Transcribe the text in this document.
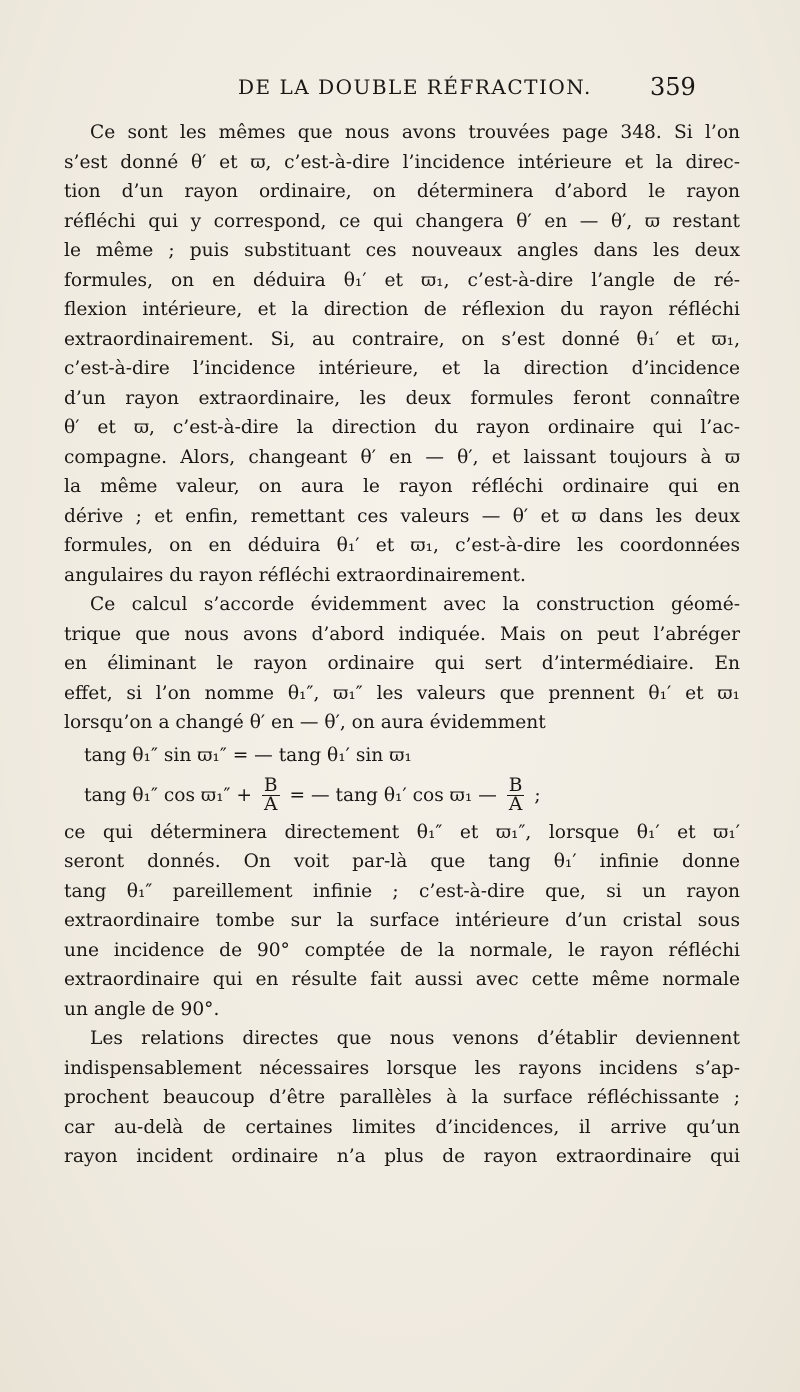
DE LA DOUBLE RÉFRACTION. 359
Ce sont les mêmes que nous avons trouvées page 348. Si l’on
s’est donné θ′ et ϖ, c’est-à-dire l’incidence intérieure et la direc-
tion d’un rayon ordinaire, on déterminera d’abord le rayon
réfléchi qui y correspond, ce qui changera θ′ en — θ′, ϖ restant
le même ; puis substituant ces nouveaux angles dans les deux
formules, on en déduira θ₁′ et ϖ₁, c’est-à-dire l’angle de ré-
flexion intérieure, et la direction de réflexion du rayon réfléchi
extraordinairement. Si, au contraire, on s’est donné θ₁′ et ϖ₁,
c’est-à-dire l’incidence intérieure, et la direction d’incidence
d’un rayon extraordinaire, les deux formules feront connaître
θ′ et ϖ, c’est-à-dire la direction du rayon ordinaire qui l’ac-
compagne. Alors, changeant θ′ en — θ′, et laissant toujours à ϖ
la même valeur, on aura le rayon réfléchi ordinaire qui en
dérive ; et enfin, remettant ces valeurs — θ′ et ϖ dans les deux
formules, on en déduira θ₁′ et ϖ₁, c’est-à-dire les coordonnées
angulaires du rayon réfléchi extraordinairement.
Ce calcul s’accorde évidemment avec la construction géomé-
trique que nous avons d’abord indiquée. Mais on peut l’abréger
en éliminant le rayon ordinaire qui sert d’intermédiaire. En
effet, si l’on nomme θ₁″, ϖ₁″ les valeurs que prennent θ₁′ et ϖ₁
lorsqu’on a changé θ′ en — θ′, on aura évidemment
tang θ₁″ sin ϖ₁″ = — tang θ₁′ sin ϖ₁
tang θ₁″ $\cos ϖ_1'' + \frac{B}{A}$ = — tang θ₁′ cos ϖ₁ — $\frac{B}{A}$ ;
ce qui déterminera directement θ₁″ et ϖ₁″, lorsque θ₁′ et ϖ₁′
seront donnés. On voit par-là que tang θ₁′ infinie donne
tang θ₁″ pareillement infinie ; c’est-à-dire que, si un rayon
extraordinaire tombe sur la surface intérieure d’un cristal sous
une incidence de 90° comptée de la normale, le rayon réfléchi
extraordinaire qui en résulte fait aussi avec cette même normale
un angle de 90°.
Les relations directes que nous venons d’établir deviennent
indispensablement nécessaires lorsque les rayons incidens s’ap-
prochent beaucoup d’être parallèles à la surface réfléchissante ;
car au-delà de certaines limites d’incidences, il arrive qu’un
rayon incident ordinaire n’a plus de rayon extraordinaire qui
